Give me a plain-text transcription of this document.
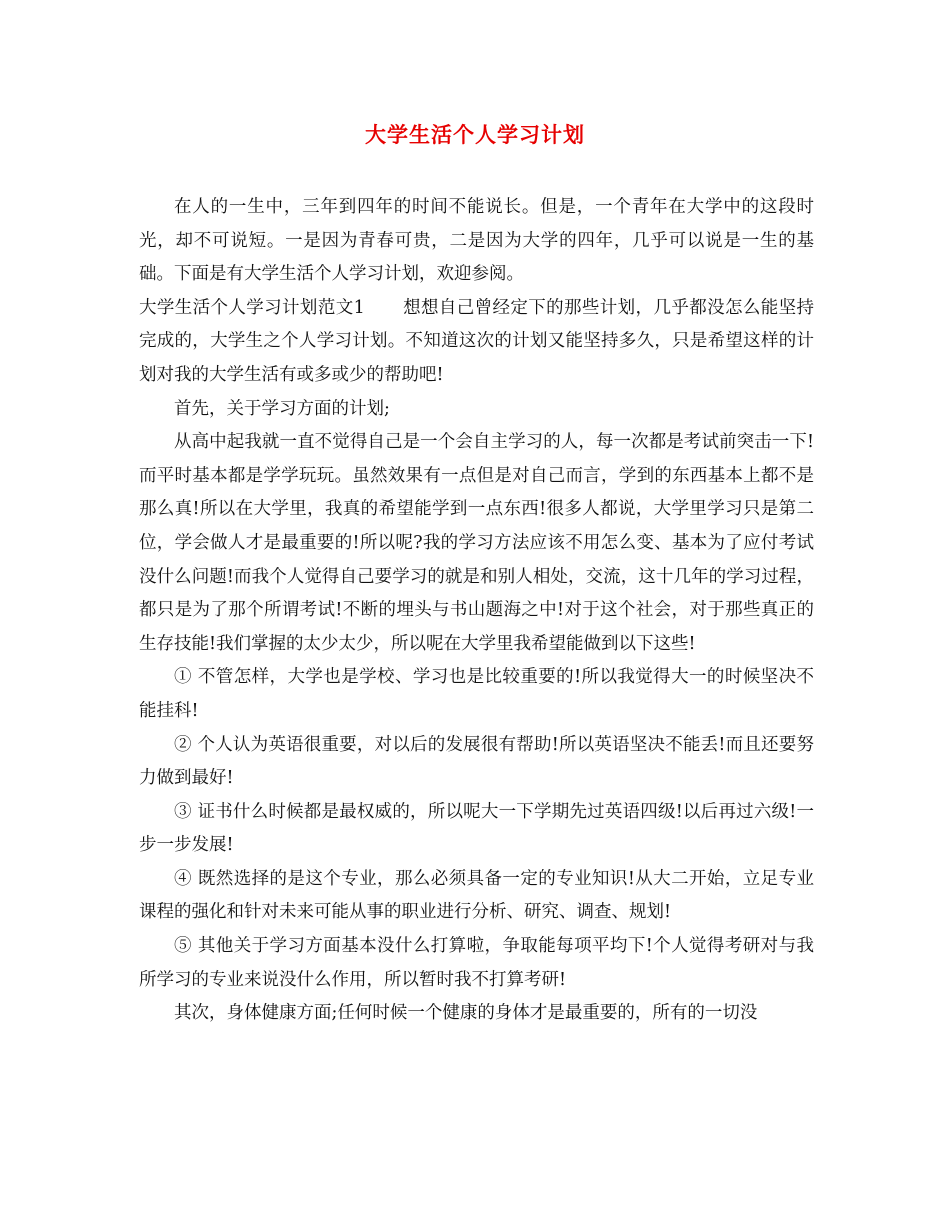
大学生活个人学习计划

在人的一生中，三年到四年的时间不能说长。但是，一个青年在大学中的这段时光，却不可说短。一是因为青春可贵，二是因为大学的四年，几乎可以说是一生的基础。下面是有大学生活个人学习计划，欢迎参阅。

大学生活个人学习计划范文1 想想自己曾经定下的那些计划，几乎都没怎么能坚持完成的，大学生之个人学习计划。不知道这次的计划又能坚持多久，只是希望这样的计划对我的大学生活有或多或少的帮助吧!

首先，关于学习方面的计划;

从高中起我就一直不觉得自己是一个会自主学习的人，每一次都是考试前突击一下!而平时基本都是学学玩玩。虽然效果有一点但是对自己而言，学到的东西基本上都不是那么真!所以在大学里，我真的希望能学到一点东西!很多人都说，大学里学习只是第二位，学会做人才是最重要的!所以呢?我的学习方法应该不用怎么变、基本为了应付考试没什么问题!而我个人觉得自己要学习的就是和别人相处，交流，这十几年的学习过程，都只是为了那个所谓考试!不断的埋头与书山题海之中!对于这个社会，对于那些真正的生存技能!我们掌握的太少太少，所以呢在大学里我希望能做到以下这些!

① 不管怎样，大学也是学校、学习也是比较重要的!所以我觉得大一的时候坚决不能挂科!

② 个人认为英语很重要，对以后的发展很有帮助!所以英语坚决不能丢!而且还要努力做到最好!

③ 证书什么时候都是最权威的，所以呢大一下学期先过英语四级!以后再过六级!一步一步发展!

④ 既然选择的是这个专业，那么必须具备一定的专业知识!从大二开始，立足专业课程的强化和针对未来可能从事的职业进行分析、研究、调查、规划!

⑤ 其他关于学习方面基本没什么打算啦，争取能每项平均下!个人觉得考研对与我所学习的专业来说没什么作用，所以暂时我不打算考研!

其次，身体健康方面;任何时候一个健康的身体才是最重要的，所有的一切没
